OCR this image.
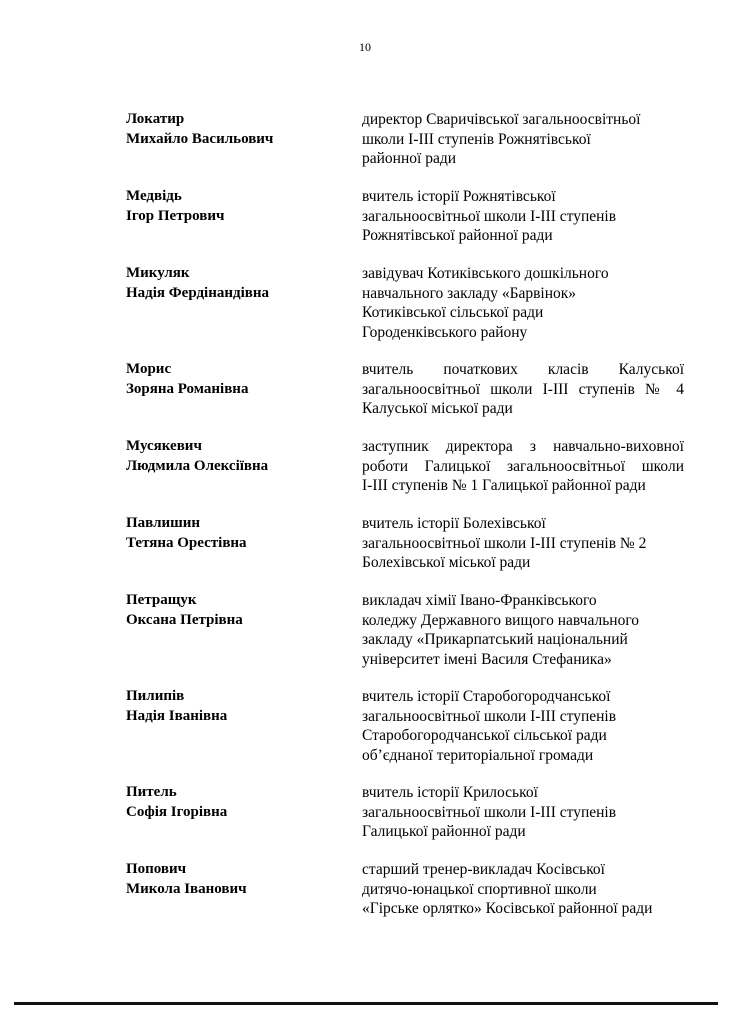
10
Локатир
Михайло Васильович
директор Сваричівської загальноосвітньої
школи І-ІІІ ступенів Рожнятівської
районної ради
Медвідь
Ігор Петрович
вчитель історії Рожнятівської
загальноосвітньої школи І-ІІІ ступенів
Рожнятівської районної ради
Микуляк
Надія Фердінандівна
завідувач Котиківського дошкільного
навчального закладу «Барвінок»
Котиківської сільської ради
Городенківського району
Морис
Зоряна Романівна
вчитель початкових класів Калуської
загальноосвітньої школи І-ІІІ ступенів № 4
Калуської міської ради
Мусякевич
Людмила Олексіївна
заступник директора з навчально-виховної
роботи Галицької загальноосвітньої школи
І-ІІІ ступенів № 1 Галицької районної ради
Павлишин
Тетяна Орестівна
вчитель історії Болехівської
загальноосвітньої школи І-ІІІ ступенів № 2
Болехівської міської ради
Петращук
Оксана Петрівна
викладач хімії Івано-Франківського
коледжу Державного вищого навчального
закладу «Прикарпатський національний
університет імені Василя Стефаника»
Пилипів
Надія Іванівна
вчитель історії Старобогородчанської
загальноосвітньої школи І-ІІІ ступенів
Старобогородчанської сільської ради
об’єднаної територіальної громади
Питель
Софія Ігорівна
вчитель історії Крилоської
загальноосвітньої школи І-ІІІ ступенів
Галицької районної ради
Попович
Микола Іванович
старший тренер-викладач Косівської
дитячо-юнацької спортивної школи
«Гірське орлятко» Косівської районної ради
